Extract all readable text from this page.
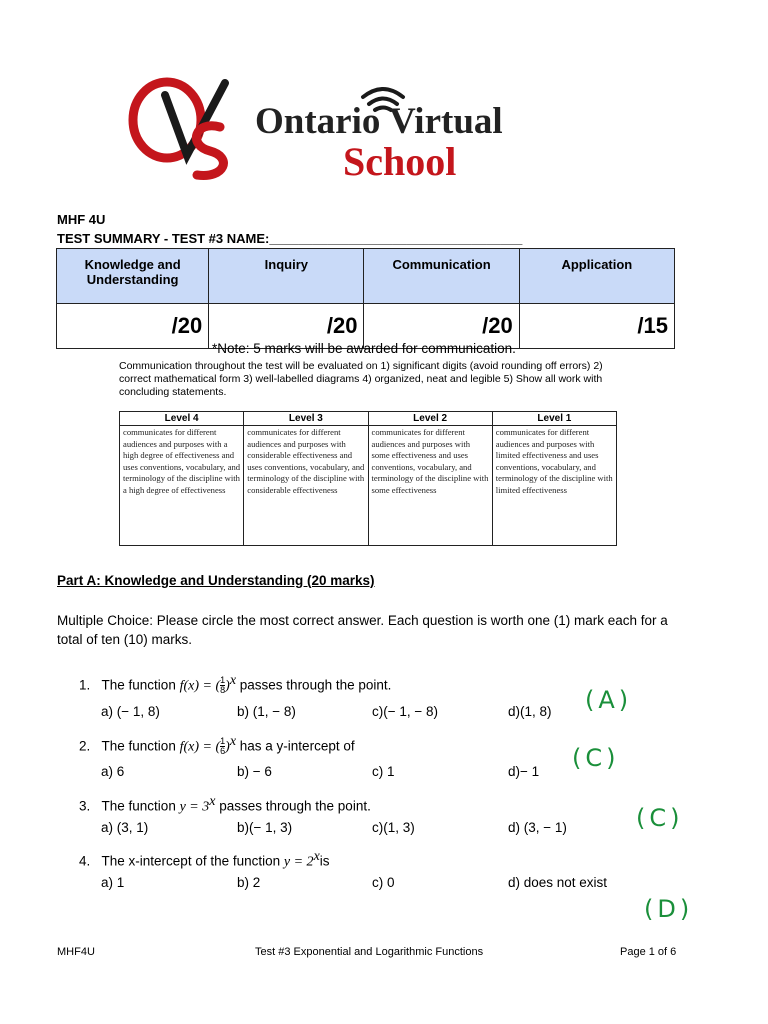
Ontario Virtual
School
MHF 4U
TEST SUMMARY - TEST #3 NAME:___________________________________
Knowledge and Understanding	Inquiry	Communication	Application
/20	/20	/20	/15
*Note: 5 marks will be awarded for communication.
Communication throughout the test will be evaluated on 1) significant digits (avoid rounding off errors) 2) correct mathematical form 3) well-labelled diagrams 4) organized, neat and legible 5) Show all work with concluding statements.
Level 4	Level 3	Level 2	Level 1
communicates for different audiences and purposes with a high degree of effectiveness and uses conventions, vocabulary, and terminology of the discipline with a high degree of effectiveness	communicates for different audiences and purposes with considerable effectiveness and uses conventions, vocabulary, and terminology of the discipline with considerable effectiveness	communicates for different audiences and purposes with some effectiveness and uses conventions, vocabulary, and terminology of the discipline with some effectiveness	communicates for different audiences and purposes with limited effectiveness and uses conventions, vocabulary, and terminology of the discipline with limited effectiveness
Part A: Knowledge and Understanding (20 marks)
Multiple Choice: Please circle the most correct answer. Each question is worth one (1) mark each for a total of ten (10) marks.
1. The function f(x) = ( $\frac{1}{8} )^x$ passes through the point.
a) (− 1, 8)	b) (1, − 8)	c)(− 1, − 8)	d)(1, 8) (A)
2. The function f(x) = ( $\frac{1}{6} )^x$ has a y-intercept of
a) 6	b) − 6	c) 1	d)− 1 (C)
3. The function $y = 3^x$ passes through the point.
a) (3, 1)	b)(− 1, 3)	c)(1, 3)	d) (3, − 1)	(C)
4. The x-intercept of the function $y = 2^xis$
a) 1	b) 2	c) 0	d) does not exist
(D)
MHF4U	Test #3 Exponential and Logarithmic Functions	Page 1 of 6
